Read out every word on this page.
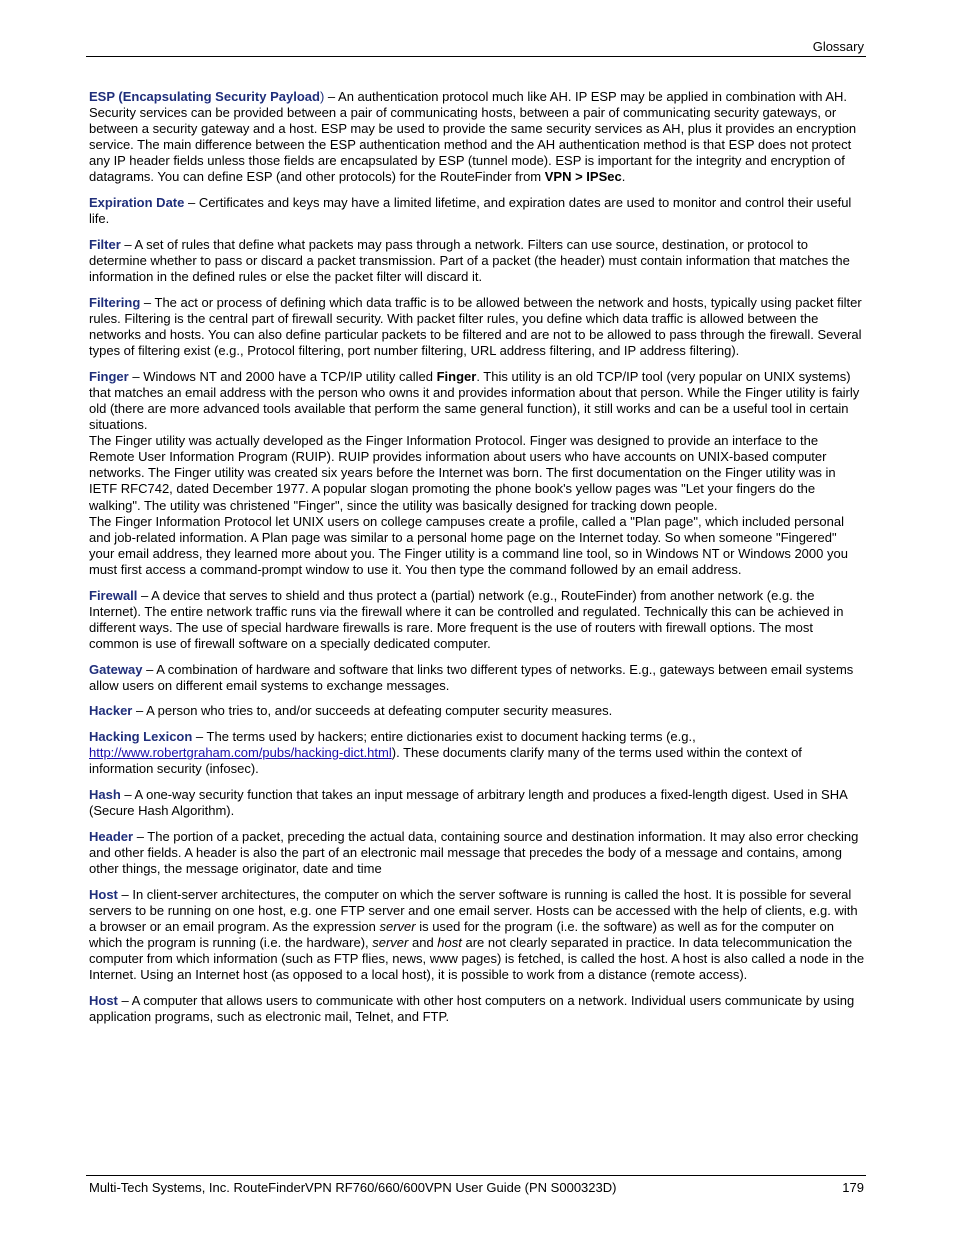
Glossary

ESP (Encapsulating Security Payload) – An authentication protocol much like AH. IP ESP may be applied in combination with AH. Security services can be provided between a pair of communicating hosts, between a pair of communicating security gateways, or between a security gateway and a host. ESP may be used to provide the same security services as AH, plus it provides an encryption service. The main difference between the ESP authentication method and the AH authentication method is that ESP does not protect any IP header fields unless those fields are encapsulated by ESP (tunnel mode). ESP is important for the integrity and encryption of datagrams. You can define ESP (and other protocols) for the RouteFinder from VPN > IPSec.

Expiration Date – Certificates and keys may have a limited lifetime, and expiration dates are used to monitor and control their useful life.

Filter – A set of rules that define what packets may pass through a network. Filters can use source, destination, or protocol to determine whether to pass or discard a packet transmission. Part of a packet (the header) must contain information that matches the information in the defined rules or else the packet filter will discard it.

Filtering – The act or process of defining which data traffic is to be allowed between the network and hosts, typically using packet filter rules. Filtering is the central part of firewall security. With packet filter rules, you define which data traffic is allowed between the networks and hosts. You can also define particular packets to be filtered and are not to be allowed to pass through the firewall. Several types of filtering exist (e.g., Protocol filtering, port number filtering, URL address filtering, and IP address filtering).

Finger – Windows NT and 2000 have a TCP/IP utility called Finger. This utility is an old TCP/IP tool (very popular on UNIX systems) that matches an email address with the person who owns it and provides information about that person. While the Finger utility is fairly old (there are more advanced tools available that perform the same general function), it still works and can be a useful tool in certain situations.

The Finger utility was actually developed as the Finger Information Protocol. Finger was designed to provide an interface to the Remote User Information Program (RUIP). RUIP provides information about users who have accounts on UNIX-based computer networks. The Finger utility was created six years before the Internet was born. The first documentation on the Finger utility was in IETF RFC742, dated December 1977. A popular slogan promoting the phone book's yellow pages was "Let your fingers do the walking". The utility was christened "Finger", since the utility was basically designed for tracking down people.

The Finger Information Protocol let UNIX users on college campuses create a profile, called a "Plan page", which included personal and job-related information. A Plan page was similar to a personal home page on the Internet today. So when someone "Fingered" your email address, they learned more about you. The Finger utility is a command line tool, so in Windows NT or Windows 2000 you must first access a command-prompt window to use it. You then type the command followed by an email address.

Firewall – A device that serves to shield and thus protect a (partial) network (e.g., RouteFinder) from another network (e.g. the Internet). The entire network traffic runs via the firewall where it can be controlled and regulated. Technically this can be achieved in different ways. The use of special hardware firewalls is rare. More frequent is the use of routers with firewall options. The most common is use of firewall software on a specially dedicated computer.

Gateway – A combination of hardware and software that links two different types of networks. E.g., gateways between email systems allow users on different email systems to exchange messages.

Hacker – A person who tries to, and/or succeeds at defeating computer security measures.

Hacking Lexicon – The terms used by hackers; entire dictionaries exist to document hacking terms (e.g., http://www.robertgraham.com/pubs/hacking-dict.html). These documents clarify many of the terms used within the context of information security (infosec).

Hash – A one-way security function that takes an input message of arbitrary length and produces a fixed-length digest. Used in SHA (Secure Hash Algorithm).

Header – The portion of a packet, preceding the actual data, containing source and destination information. It may also error checking and other fields. A header is also the part of an electronic mail message that precedes the body of a message and contains, among other things, the message originator, date and time

Host – In client-server architectures, the computer on which the server software is running is called the host. It is possible for several servers to be running on one host, e.g. one FTP server and one email server. Hosts can be accessed with the help of clients, e.g. with a browser or an email program. As the expression server is used for the program (i.e. the software) as well as for the computer on which the program is running (i.e. the hardware), server and host are not clearly separated in practice. In data telecommunication the computer from which information (such as FTP flies, news, www pages) is fetched, is called the host. A host is also called a node in the Internet. Using an Internet host (as opposed to a local host), it is possible to work from a distance (remote access).

Host – A computer that allows users to communicate with other host computers on a network. Individual users communicate by using application programs, such as electronic mail, Telnet, and FTP.

Multi-Tech Systems, Inc. RouteFinderVPN RF760/660/600VPN User Guide (PN S000323D)	179
